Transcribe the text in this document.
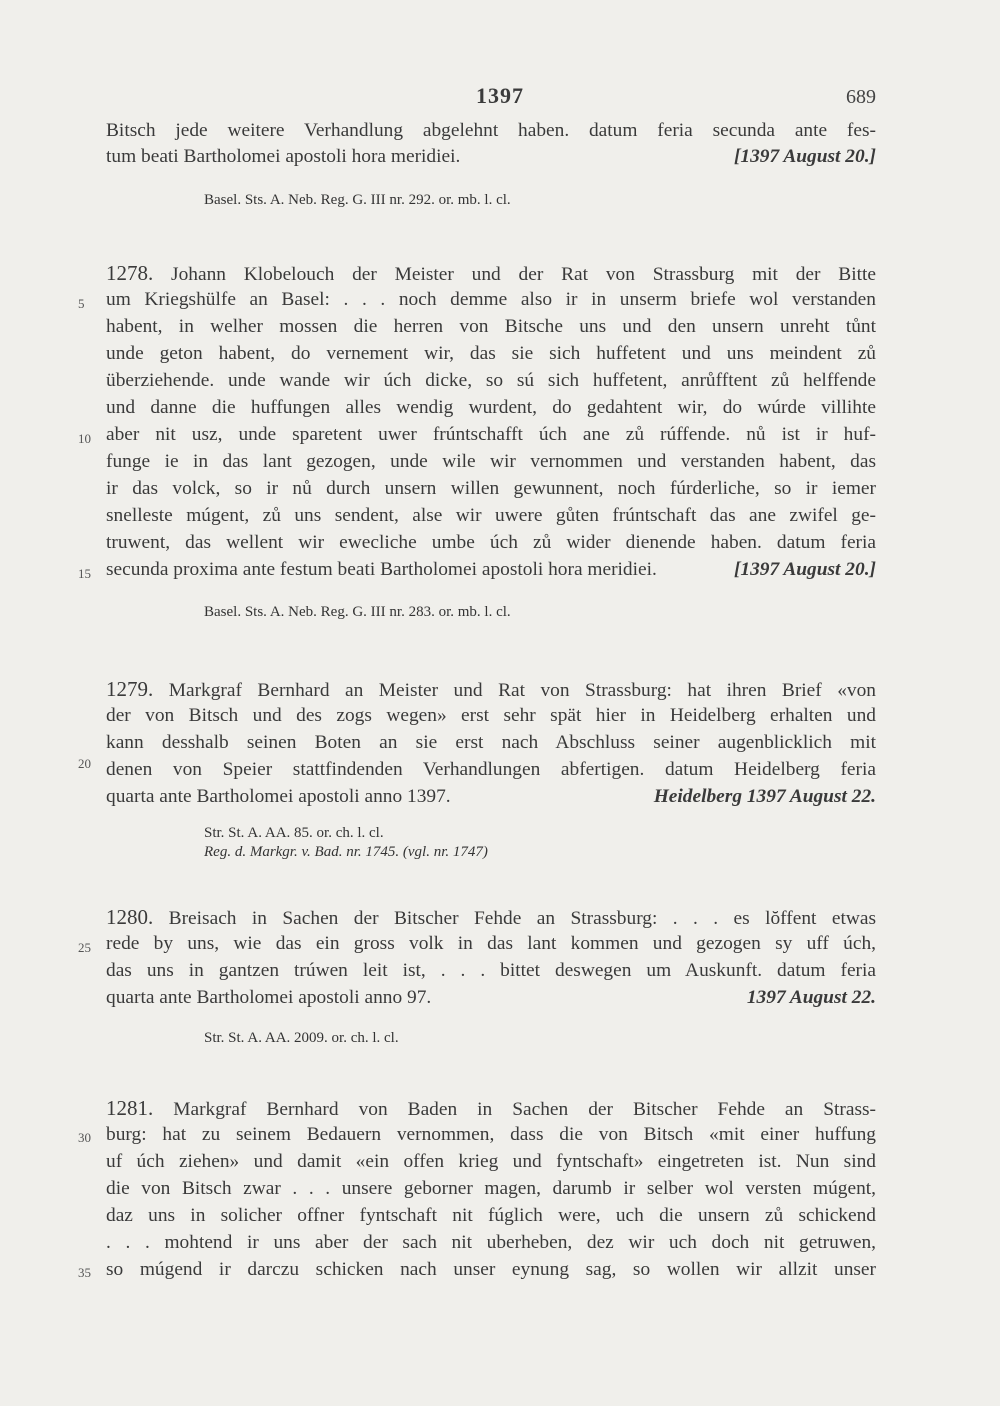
1397	689
5
10
15
20
25
30
35
Bitsch jede weitere Verhandlung abgelehnt haben. datum feria secunda ante fes-
tum beati Bartholomei apostoli hora meridiei.	[1397 August 20.]
Basel. Sts. A. Neb. Reg. G. III nr. 292. or. mb. l. cl.
1278. Johann Klobelouch der Meister und der Rat von Strassburg mit der Bitte
um Kriegshülfe an Basel: . . . noch demme also ir in unserm briefe wol verstanden
habent, in welher mossen die herren von Bitsche uns und den unsern unreht tůnt
unde geton habent, do vernement wir, das sie sich huffetent und uns meindent zů
überziehende. unde wande wir úch dicke, so sú sich huffetent, anrůfftent zů helffende
und danne die huffungen alles wendig wurdent, do gedahtent wir, do wúrde villihte
aber nit usz, unde sparetent uwer frúntschafft úch ane zů rúffende. nů ist ir huf-
funge ie in das lant gezogen, unde wile wir vernommen und verstanden habent, das
ir das volck, so ir nů durch unsern willen gewunnent, noch fúrderliche, so ir iemer
snelleste múgent, zů uns sendent, alse wir uwere gůten frúntschaft das ane zwifel ge-
truwent, das wellent wir ewecliche umbe úch zů wider dienende haben. datum feria
secunda proxima ante festum beati Bartholomei apostoli hora meridiei.	[1397 August 20.]
Basel. Sts. A. Neb. Reg. G. III nr. 283. or. mb. l. cl.
1279. Markgraf Bernhard an Meister und Rat von Strassburg: hat ihren Brief «von
der von Bitsch und des zogs wegen» erst sehr spät hier in Heidelberg erhalten und
kann desshalb seinen Boten an sie erst nach Abschluss seiner augenblicklich mit
denen von Speier stattfindenden Verhandlungen abfertigen. datum Heidelberg feria
quarta ante Bartholomei apostoli anno 1397.	Heidelberg 1397 August 22.
Str. St. A. AA. 85. or. ch. l. cl.
Reg. d. Markgr. v. Bad. nr. 1745. (vgl. nr. 1747)
1280. Breisach in Sachen der Bitscher Fehde an Strassburg: . . . es lŏffent etwas
rede by uns, wie das ein gross volk in das lant kommen und gezogen sy uff úch,
das uns in gantzen trúwen leit ist, . . . bittet deswegen um Auskunft. datum feria
quarta ante Bartholomei apostoli anno 97.	1397 August 22.
Str. St. A. AA. 2009. or. ch. l. cl.
1281. Markgraf Bernhard von Baden in Sachen der Bitscher Fehde an Strass-
burg: hat zu seinem Bedauern vernommen, dass die von Bitsch «mit einer huffung
uf úch ziehen» und damit «ein offen krieg und fyntschaft» eingetreten ist. Nun sind
die von Bitsch zwar . . . unsere geborner magen, darumb ir selber wol versten múgent,
daz uns in solicher offner fyntschaft nit fúglich were, uch die unsern zů schickend
. . . mohtend ir uns aber der sach nit uberheben, dez wir uch doch nit getruwen,
so múgend ir darczu schicken nach unser eynung sag, so wollen wir allzit unser
